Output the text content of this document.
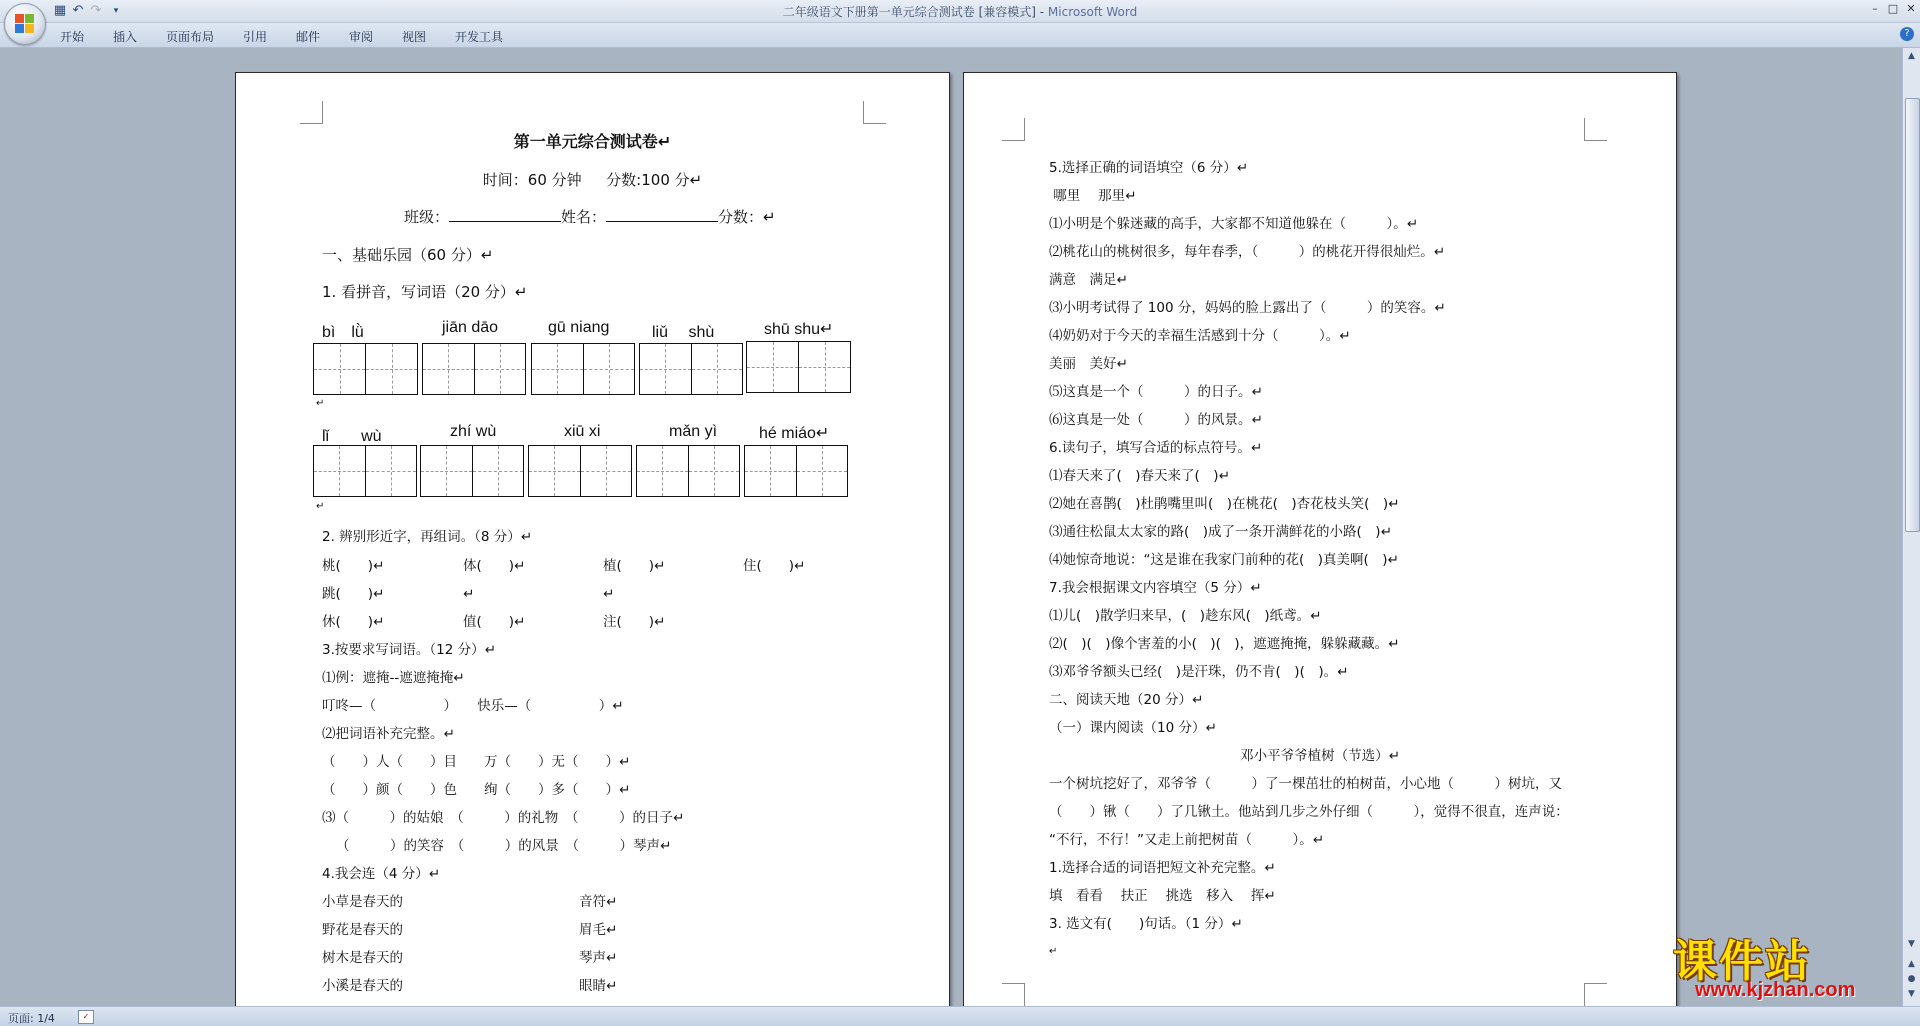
▦ ↶ ↷	▾	二年级语文下册第一单元综合测试卷 [兼容模式] - Microsoft Word	– □ ✕
开始 插入 页面布局 引用 邮件 审阅 视图 开发工具	?
第一单元综合测试卷↵
时间：60 分钟　  分数:100 分↵
班级：	姓名：	分数：↵
一、基础乐园（60 分）↵
1. 看拼音，写词语（20 分）↵
bì　lǜ	jiān dāo	gū niang	liǔ　 shù	shū shu↵
↵
lǐ　　wù	zhí wù	xiū xi	mǎn yì	hé miáo↵
↵
2. 辨别形近字，再组词。（8 分）↵
桃(　　)↵	体(　　)↵	植(　　)↵	住(　　)↵
跳(　　)↵	↵	↵
休(　　)↵	值(　　)↵	注(　　)↵
3.按要求写词语。（12 分）↵
⑴例：遮掩--遮遮掩掩↵
叮咚—（　　　　　）　　快乐—（　　　　　）↵
⑵把词语补充完整。↵
（　　）人（　　）目　　万（　　）无（　　）↵
（　　）颜（　　）色　　绚（　　）多（　　）↵
⑶（　　　）的姑娘　（　　　）的礼物　（　　　）的日子↵
（　　　）的笑容　（　　　）的风景　（　　　）琴声↵
4.我会连（4 分）↵
小草是春天的	音符↵
野花是春天的	眉毛↵
树木是春天的	琴声↵
小溪是春天的	眼睛↵
5.选择正确的词语填空（6 分）↵
哪里　 那里↵
⑴小明是个躲迷藏的高手，大家都不知道他躲在（　　　）。↵
⑵桃花山的桃树很多，每年春季，（　　　）的桃花开得很灿烂。↵
满意　满足↵
⑶小明考试得了 100 分，妈妈的脸上露出了（　　　）的笑容。↵
⑷奶奶对于今天的幸福生活感到十分（　　　）。↵
美丽　美好↵
⑸这真是一个（　　　）的日子。↵
⑹这真是一处（　　　）的风景。↵
6.读句子，填写合适的标点符号。↵
⑴春天来了(　)春天来了(　)↵
⑵她在喜鹊(　)杜鹃嘴里叫(　)在桃花(　)杏花枝头笑(　)↵
⑶通往松鼠太太家的路(　)成了一条开满鲜花的小路(　)↵
⑷她惊奇地说：“这是谁在我家门前种的花(　)真美啊(　)↵
7.我会根据课文内容填空（5 分）↵
⑴儿(　)散学归来早，(　)趁东风(　)纸鸢。↵
⑵(　)(　)像个害羞的小(　)(　)，遮遮掩掩，躲躲藏藏。↵
⑶邓爷爷额头已经(　)是汗珠，仍不肯(　)(　)。↵
二、阅读天地（20 分）↵
（一）课内阅读（10 分）↵
邓小平爷爷植树（节选）↵
一个树坑挖好了，邓爷爷（　　　）了一棵茁壮的柏树苗，小心地（　　　）树坑，又
（　　）锹（　　）了几锹土。他站到几步之外仔细（　　　），觉得不很直，连声说：
“不行，不行！”又走上前把树苗（　　　）。↵
1.选择合适的词语把短文补充完整。↵
填　看看　 扶正　 挑选　移入　 挥↵
3. 选文有(　　)句话。（1 分）↵
↵
▲
▼
▲
●
▼
页面: 1/4	✓
课件站
www.kjzhan.com
